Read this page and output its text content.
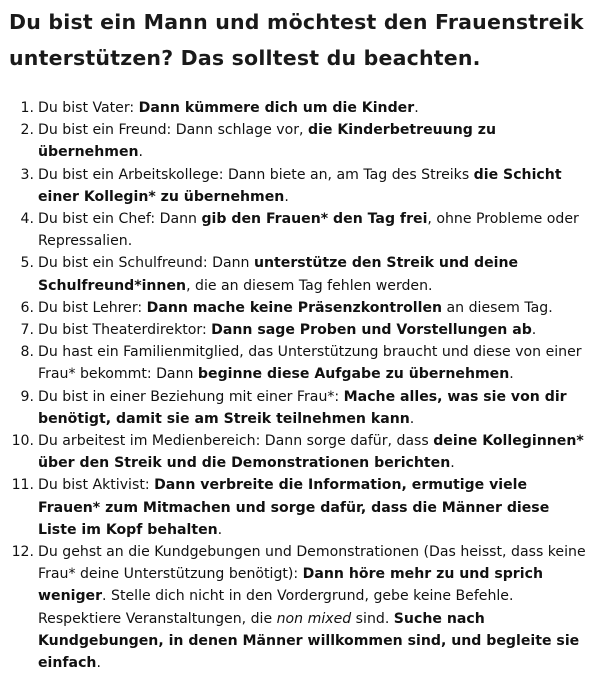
Du bist ein Mann und möchtest den Frauenstreik unterstützen? Das solltest du beachten.
1. Du bist Vater: Dann kümmere dich um die Kinder.
2. Du bist ein Freund: Dann schlage vor, die Kinderbetreuung zu übernehmen.
3. Du bist ein Arbeitskollege: Dann biete an, am Tag des Streiks die Schicht einer Kollegin* zu übernehmen.
4. Du bist ein Chef: Dann gib den Frauen* den Tag frei, ohne Probleme oder Repressalien.
5. Du bist ein Schulfreund: Dann unterstütze den Streik und deine Schulfreund*innen, die an diesem Tag fehlen werden.
6. Du bist Lehrer: Dann mache keine Präsenzkontrollen an diesem Tag.
7. Du bist Theaterdirektor: Dann sage Proben und Vorstellungen ab.
8. Du hast ein Familienmitglied, das Unterstützung braucht und diese von einer Frau* bekommt: Dann beginne diese Aufgabe zu übernehmen.
9. Du bist in einer Beziehung mit einer Frau*: Mache alles, was sie von dir benötigt, damit sie am Streik teilnehmen kann.
10. Du arbeitest im Medienbereich: Dann sorge dafür, dass deine Kolleginnen* über den Streik und die Demonstrationen berichten.
11. Du bist Aktivist: Dann verbreite die Information, ermutige viele Frauen* zum Mitmachen und sorge dafür, dass die Männer diese Liste im Kopf behalten.
12. Du gehst an die Kundgebungen und Demonstrationen (Das heisst, dass keine Frau* deine Unterstützung benötigt): Dann höre mehr zu und sprich weniger. Stelle dich nicht in den Vordergrund, gebe keine Befehle. Respektiere Veranstaltungen, die non mixed sind. Suche nach Kundgebungen, in denen Männer willkommen sind, und begleite sie einfach.
